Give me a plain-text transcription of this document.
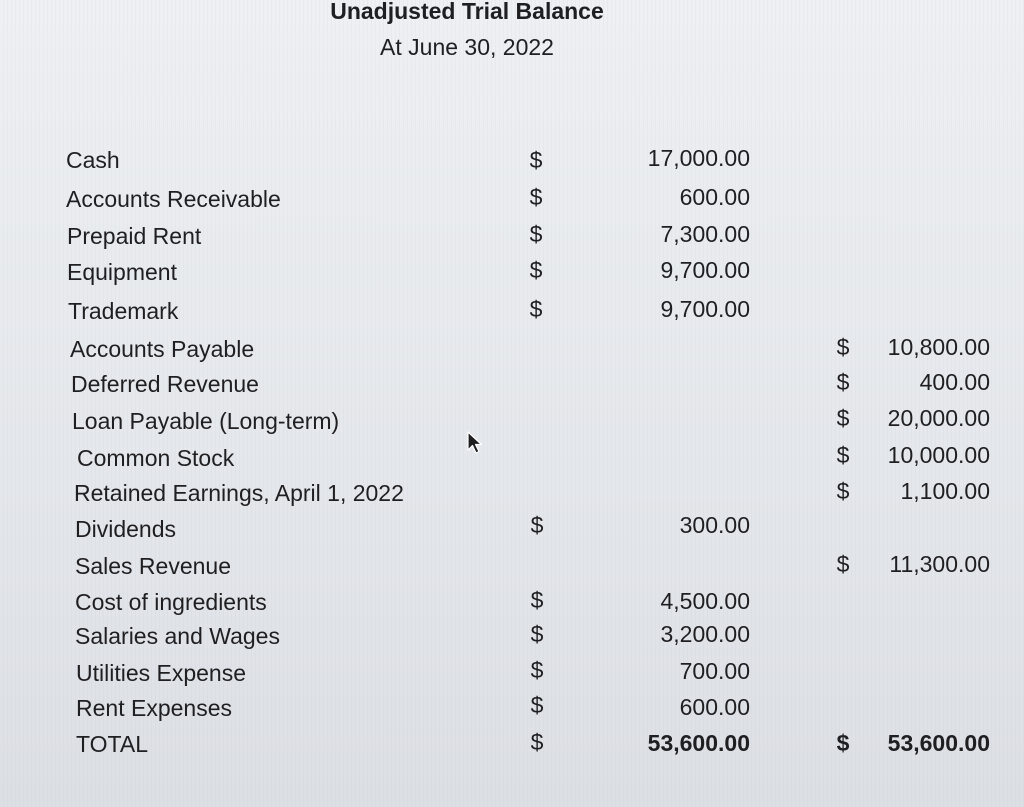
Unadjusted Trial Balance
At June 30, 2022
Cash
Accounts Receivable
Prepaid Rent
Equipment
Trademark
Accounts Payable
Deferred Revenue
Loan Payable (Long-term)
Common Stock
Retained Earnings, April 1, 2022
Dividends
Sales Revenue
Cost of ingredients
Salaries and Wages
Utilities Expense
Rent Expenses
TOTAL
$
$
$
$
$
$
$
$
$
$
$
17,000.00
600.00
7,300.00
9,700.00
9,700.00
300.00
4,500.00
3,200.00
700.00
600.00
53,600.00
$
$
$
$
$
$
$
10,800.00
400.00
20,000.00
10,000.00
1,100.00
11,300.00
53,600.00
